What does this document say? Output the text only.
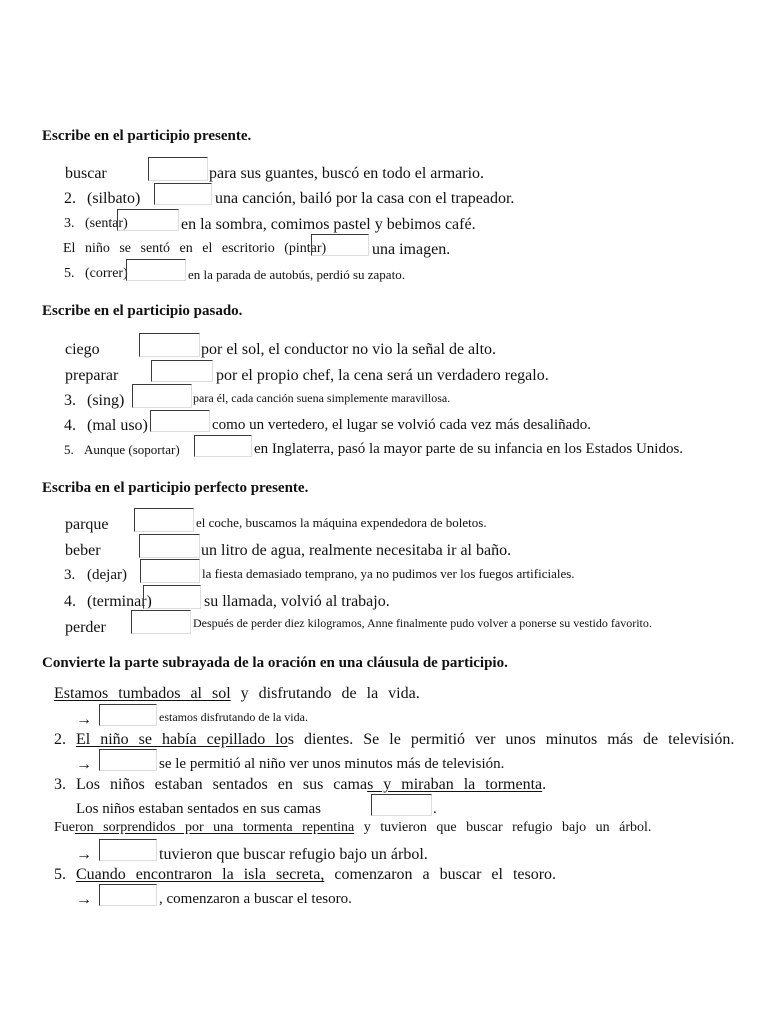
Escribe en el participio presente.
buscar	para sus guantes, buscó en todo el armario.
2. (silbato)	una canción, bailó por la casa con el trapeador.
3. (sentar)	en la sombra, comimos pastel y bebimos café.
El niño se sentó en el escritorio (pintar)	una imagen.
5. (correr)	en la parada de autobús, perdió su zapato.
Escribe en el participio pasado.
ciego	por el sol, el conductor no vio la señal de alto.
preparar	por el propio chef, la cena será un verdadero regalo.
3. (sing)	para él, cada canción suena simplemente maravillosa.
4. (mal uso)	como un vertedero, el lugar se volvió cada vez más desaliñado.
5. Aunque (soportar)	en Inglaterra, pasó la mayor parte de su infancia en los Estados Unidos.
Escriba en el participio perfecto presente.
parque	el coche, buscamos la máquina expendedora de boletos.
beber	un litro de agua, realmente necesitaba ir al baño.
3. (dejar)	la fiesta demasiado temprano, ya no pudimos ver los fuegos artificiales.
4. (terminar)	su llamada, volvió al trabajo.
perder	Después de perder diez kilogramos, Anne finalmente pudo volver a ponerse su vestido favorito.
Convierte la parte subrayada de la oración en una cláusula de participio.
Estamos tumbados al sol y disfrutando de la vida.
→	estamos disfrutando de la vida.
2. El niño se había cepillado los dientes. Se le permitió ver unos minutos más de televisión.
→	se le permitió al niño ver unos minutos más de televisión.
3. Los niños estaban sentados en sus camas y miraban la tormenta.
Los niños estaban sentados en sus camas	.
Fueron sorprendidos por una tormenta repentina y tuvieron que buscar refugio bajo un árbol.
→	tuvieron que buscar refugio bajo un árbol.
5. Cuando encontraron la isla secreta, comenzaron a buscar el tesoro.
→	, comenzaron a buscar el tesoro.
